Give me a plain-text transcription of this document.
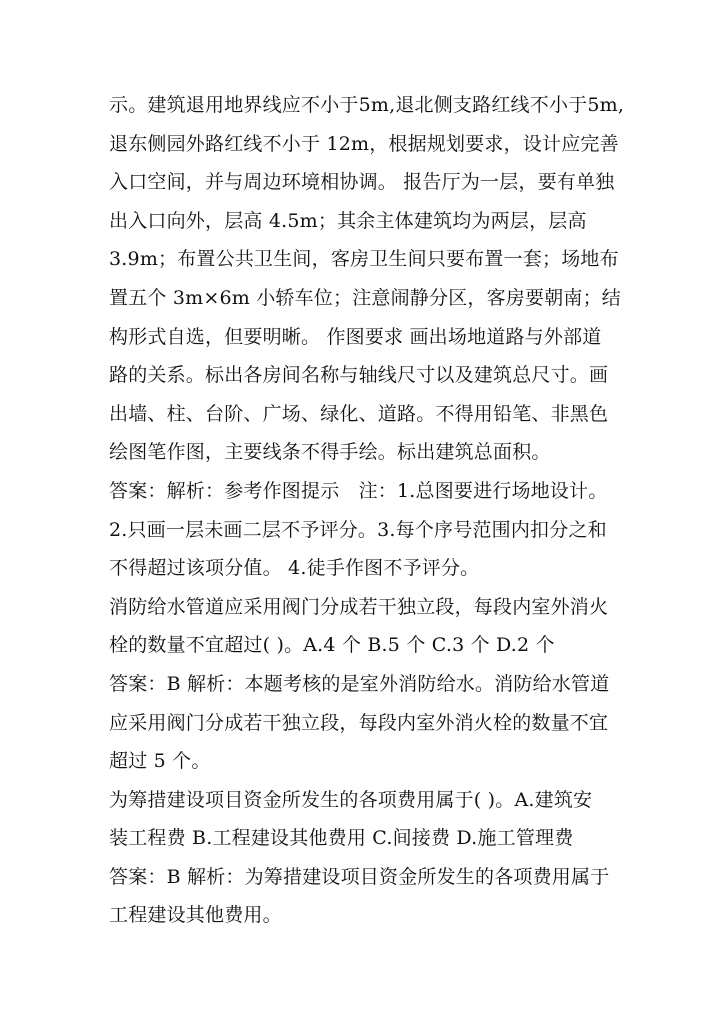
示。建筑退用地界线应不小于5m,退北侧支路红线不小于5m,
退东侧园外路红线不小于 12m，根据规划要求，设计应完善
入口空间，并与周边环境相协调。 报告厅为一层，要有单独
出入口向外，层高 4.5m；其余主体建筑均为两层，层高
3.9m；布置公共卫生间，客房卫生间只要布置一套；场地布
置五个 3m×6m 小轿车位；注意闹静分区，客房要朝南；结
构形式自选，但要明晰。 作图要求 画出场地道路与外部道
路的关系。标出各房间名称与轴线尺寸以及建筑总尺寸。画
出墙、柱、台阶、广场、绿化、道路。不得用铅笔、非黑色
绘图笔作图，主要线条不得手绘。标出建筑总面积。
答案：解析：参考作图提示　注：1.总图要进行场地设计。
2.只画一层未画二层不予评分。3.每个序号范围内扣分之和
不得超过该项分值。 4.徒手作图不予评分。
消防给水管道应采用阀门分成若干独立段，每段内室外消火
栓的数量不宜超过( )。A.4 个 B.5 个 C.3 个 D.2 个
答案：B 解析：本题考核的是室外消防给水。消防给水管道
应采用阀门分成若干独立段，每段内室外消火栓的数量不宜
超过 5 个。
为筹措建设项目资金所发生的各项费用属于( )。A.建筑安
装工程费 B.工程建设其他费用 C.间接费 D.施工管理费
答案：B 解析：为筹措建设项目资金所发生的各项费用属于
工程建设其他费用。
